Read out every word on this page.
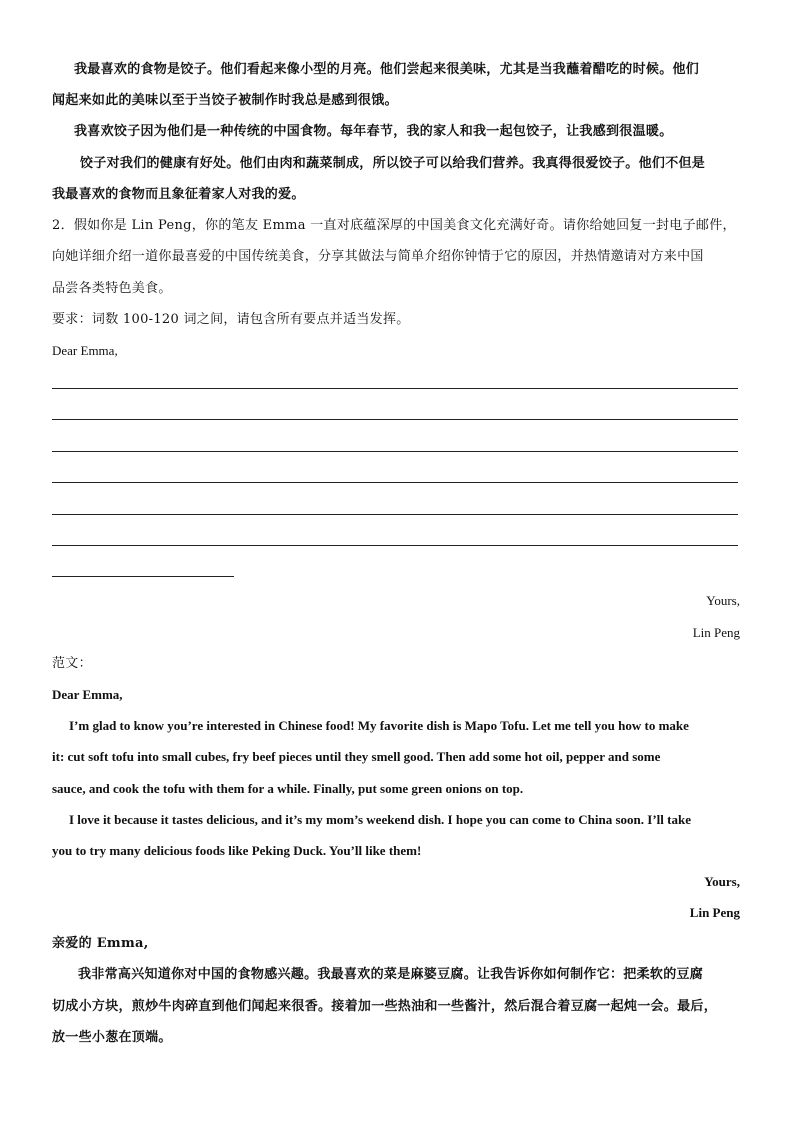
我最喜欢的食物是饺子。他们看起来像小型的月亮。他们尝起来很美味，尤其是当我蘸着醋吃的时候。他们
闻起来如此的美味以至于当饺子被制作时我总是感到很饿。
我喜欢饺子因为他们是一种传统的中国食物。每年春节，我的家人和我一起包饺子，让我感到很温暖。
饺子对我们的健康有好处。他们由肉和蔬菜制成，所以饺子可以给我们营养。我真得很爱饺子。他们不但是
我最喜欢的食物而且象征着家人对我的爱。
2．假如你是 Lin Peng，你的笔友 Emma 一直对底蕴深厚的中国美食文化充满好奇。请你给她回复一封电子邮件，
向她详细介绍一道你最喜爱的中国传统美食，分享其做法与简单介绍你钟情于它的原因，并热情邀请对方来中国
品尝各类特色美食。
要求：词数 100-120 词之间，请包含所有要点并适当发挥。
Dear Emma,
Yours,
Lin Peng
范文：
Dear Emma,
I’m glad to know you’re interested in Chinese food! My favorite dish is Mapo Tofu. Let me tell you how to make
it: cut soft tofu into small cubes, fry beef pieces until they smell good. Then add some hot oil, pepper and some
sauce, and cook the tofu with them for a while. Finally, put some green onions on top.
I love it because it tastes delicious, and it’s my mom’s weekend dish. I hope you can come to China soon. I’ll take
you to try many delicious foods like Peking Duck. You’ll like them!
Yours,
Lin Peng
亲爱的 Emma,
我非常高兴知道你对中国的食物感兴趣。我最喜欢的菜是麻婆豆腐。让我告诉你如何制作它：把柔软的豆腐
切成小方块，煎炒牛肉碎直到他们闻起来很香。接着加一些热油和一些酱汁，然后混合着豆腐一起炖一会。最后，
放一些小葱在顶端。
